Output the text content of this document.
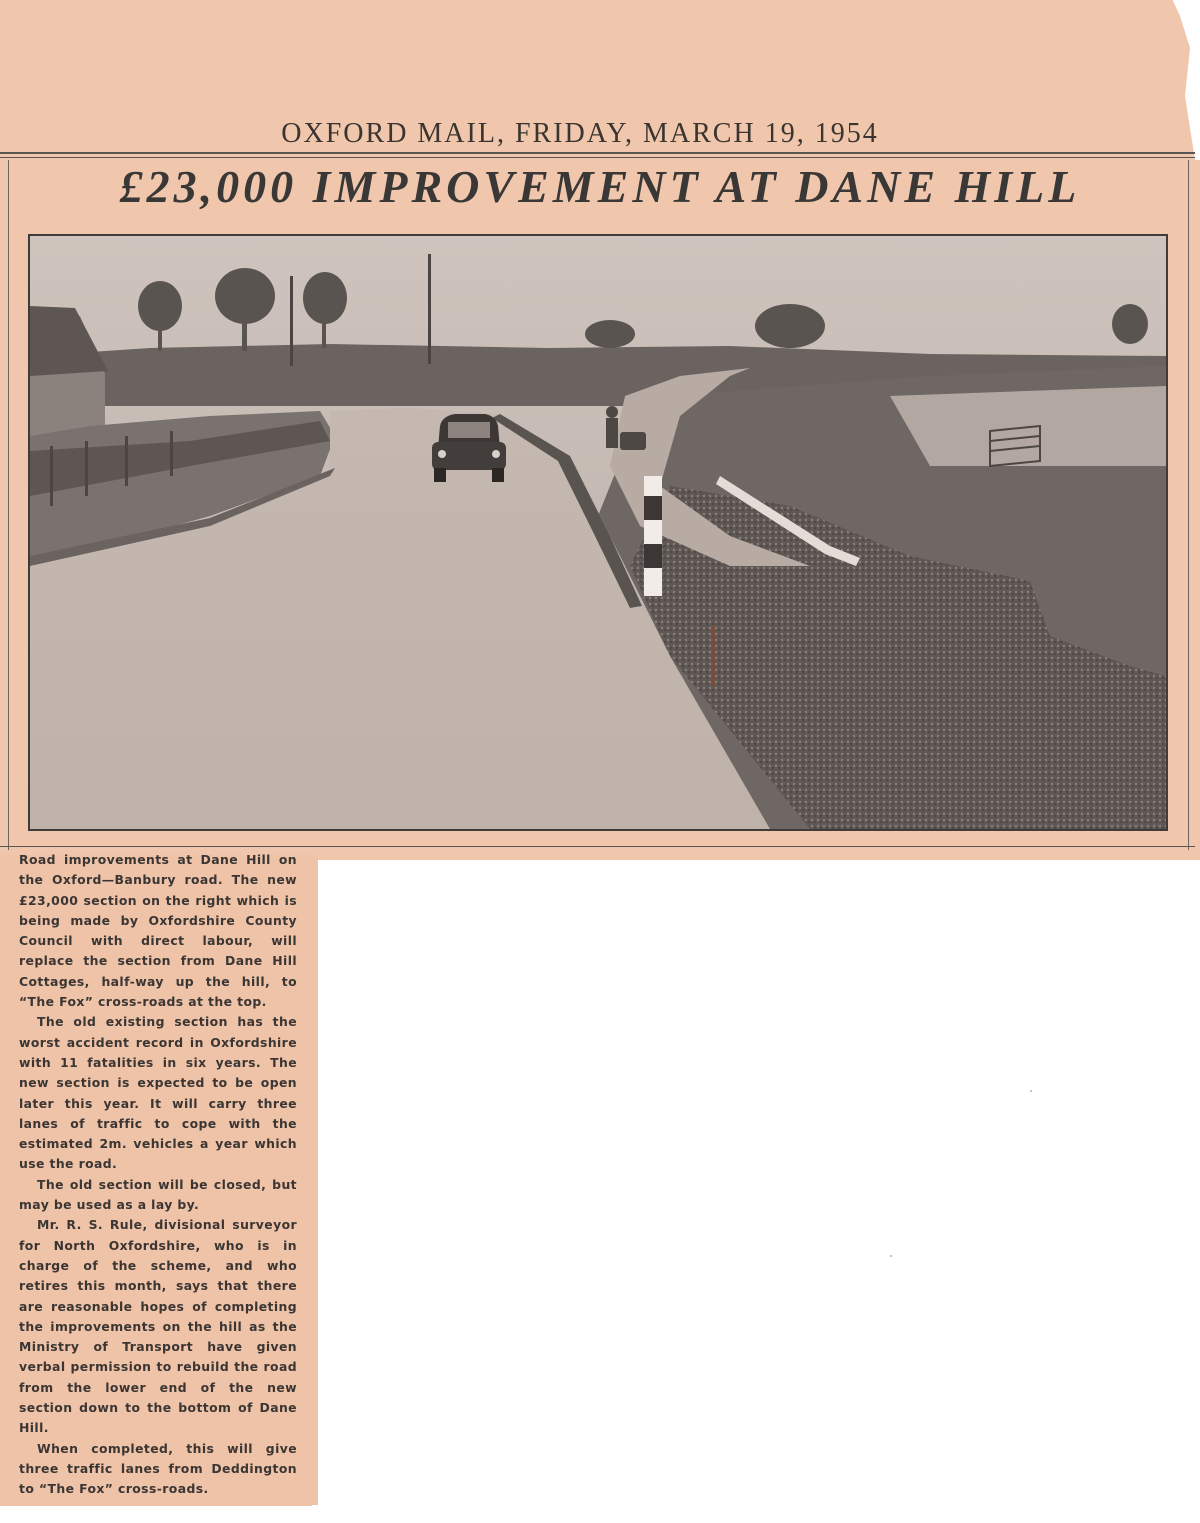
OXFORD MAIL, FRIDAY, MARCH 19, 1954
£23,000 IMPROVEMENT AT DANE HILL

Road improvements at Dane Hill on the Oxford—Banbury road. The new £23,000 section on the right which is being made by Oxfordshire County Council with direct labour, will replace the section from Dane Hill Cottages, half-way up the hill, to “The Fox” cross-roads at the top.

The old existing section has the worst accident record in Oxfordshire with 11 fatalities in six years. The new section is expected to be open later this year. It will carry three lanes of traffic to cope with the estimated 2m. vehicles a year which use the road.

The old section will be closed, but may be used as a lay by.

Mr. R. S. Rule, divisional surveyor for North Oxfordshire, who is in charge of the scheme, and who retires this month, says that there are reasonable hopes of completing the improvements on the hill as the Ministry of Transport have given verbal permission to rebuild the road from the lower end of the new section down to the bottom of Dane Hill.

When completed, this will give three traffic lanes from Deddington to “The Fox” cross-roads.
